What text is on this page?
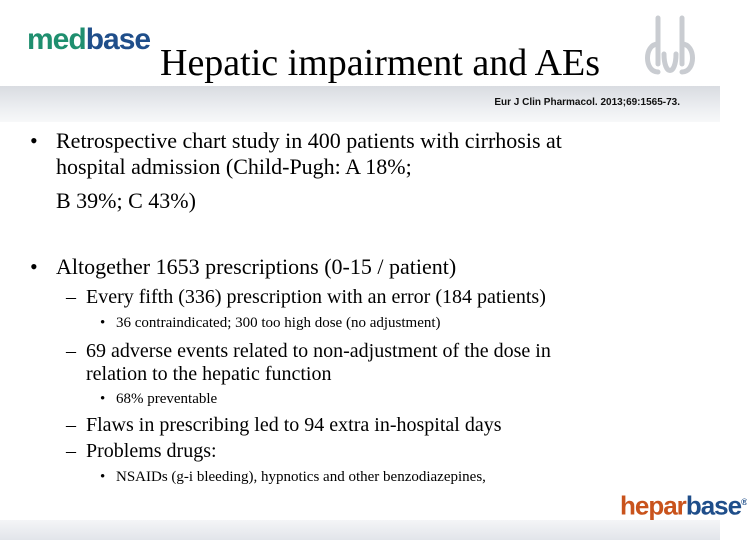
medbase
Hepatic impairment and AEs
Eur J Clin Pharmacol. 2013;69:1565-73.
• Retrospective chart study in 400 patients with cirrhosis at
hospital admission (Child-Pugh: A 18%;
B 39%; C 43%)
• Altogether 1653 prescriptions (0-15 / patient)
– Every fifth (336) prescription with an error (184 patients)
• 36 contraindicated; 300 too high dose (no adjustment)
– 69 adverse events related to non-adjustment of the dose in
relation to the hepatic function
• 68% preventable
– Flaws in prescribing led to 94 extra in-hospital days
– Problems drugs:
• NSAIDs (g-i bleeding), hypnotics and other benzodiazepines,
heparbase®
